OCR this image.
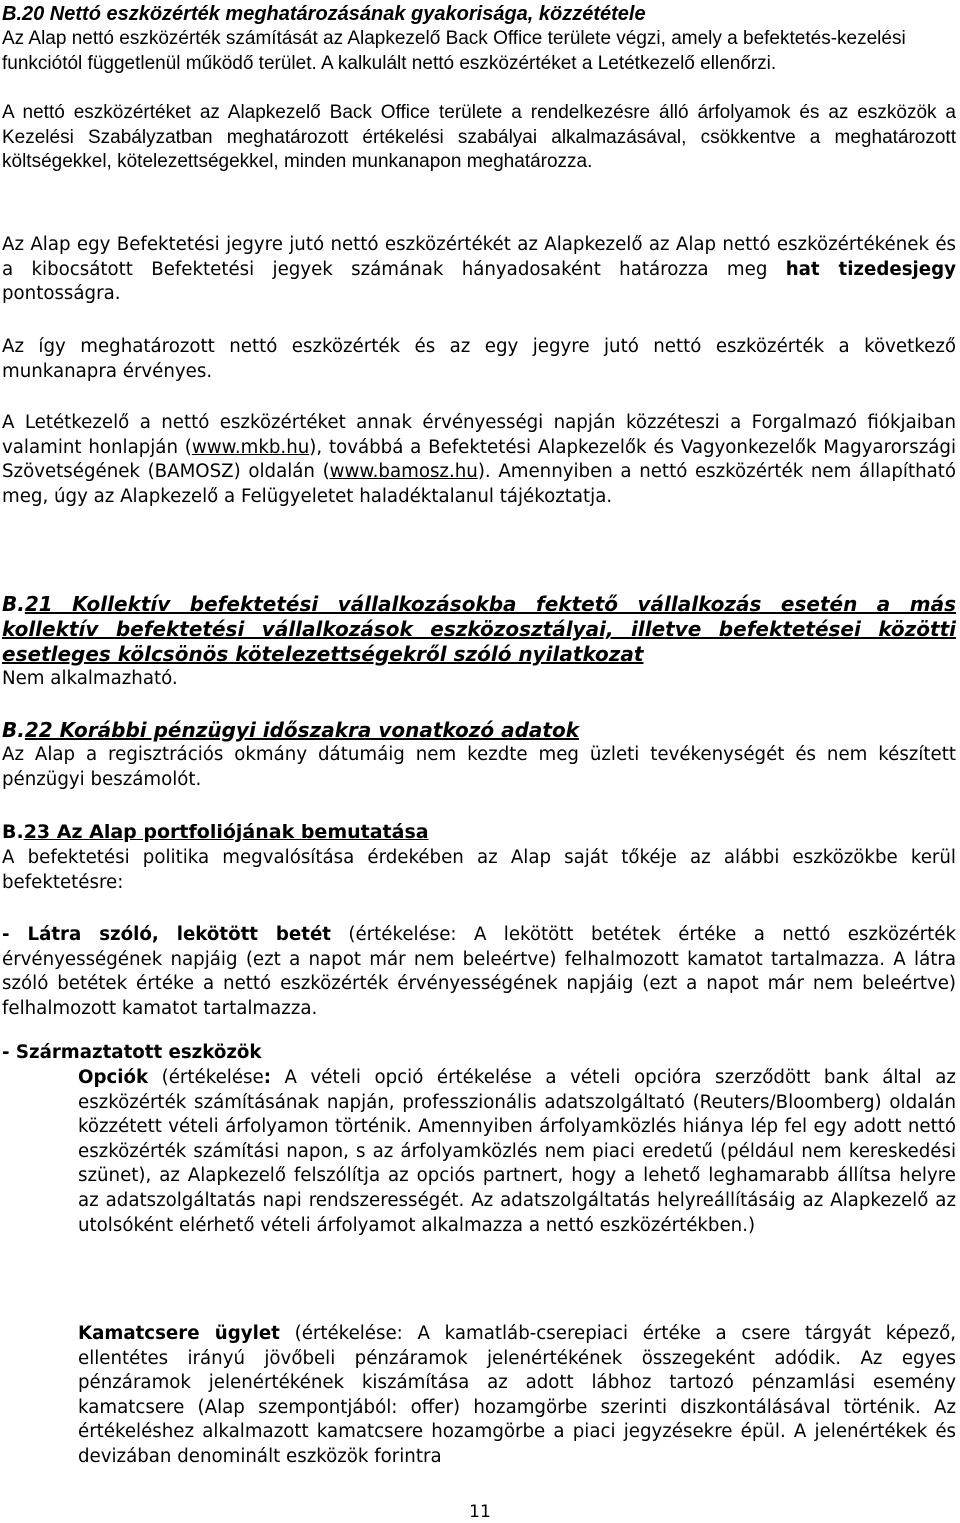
B.20 Nettó eszközérték meghatározásának gyakorisága, közzététele
Az Alap nettó eszközérték számítását az Alapkezelő Back Office területe végzi, amely a befektetés-kezelési funkciótól függetlenül működő terület. A kalkulált nettó eszközértéket a Letétkezelő ellenőrzi.
A nettó eszközértéket az Alapkezelő Back Office területe a rendelkezésre álló árfolyamok és az eszközök a Kezelési Szabályzatban meghatározott értékelési szabályai alkalmazásával, csökkentve a meghatározott költségekkel, kötelezettségekkel, minden munkanapon meghatározza.
Az Alap egy Befektetési jegyre jutó nettó eszközértékét az Alapkezelő az Alap nettó eszközértékének és a kibocsátott Befektetési jegyek számának hányadosaként határozza meg hat tizedesjegy pontosságra.
Az így meghatározott nettó eszközérték és az egy jegyre jutó nettó eszközérték a következő munkanapra érvényes.
A Letétkezelő a nettó eszközértéket annak érvényességi napján közzéteszi a Forgalmazó fiókjaiban valamint honlapján (www.mkb.hu), továbbá a Befektetési Alapkezelők és Vagyonkezelők Magyarországi Szövetségének (BAMOSZ) oldalán (www.bamosz.hu). Amennyiben a nettó eszközérték nem állapítható meg, úgy az Alapkezelő a Felügyeletet haladéktalanul tájékoztatja.
B.21 Kollektív befektetési vállalkozásokba fektető vállalkozás esetén a más kollektív befektetési vállalkozások eszközosztályai, illetve befektetései közötti esetleges kölcsönös kötelezettségekről szóló nyilatkozat
Nem alkalmazható.
B.22 Korábbi pénzügyi időszakra vonatkozó adatok
Az Alap a regisztrációs okmány dátumáig nem kezdte meg üzleti tevékenységét és nem készített pénzügyi beszámolót.
B.23 Az Alap portfoliójának bemutatása
A befektetési politika megvalósítása érdekében az Alap saját tőkéje az alábbi eszközökbe kerül befektetésre:
- Látra szóló, lekötött betét (értékelése: A lekötött betétek értéke a nettó eszközérték érvényességének napjáig (ezt a napot már nem beleértve) felhalmozott kamatot tartalmazza. A látra szóló betétek értéke a nettó eszközérték érvényességének napjáig (ezt a napot már nem beleértve) felhalmozott kamatot tartalmazza.
- Származtatott eszközök
Opciók (értékelése: A vételi opció értékelése a vételi opcióra szerződött bank által az eszközérték számításának napján, professzionális adatszolgáltató (Reuters/Bloomberg) oldalán közzétett vételi árfolyamon történik. Amennyiben árfolyamközlés hiánya lép fel egy adott nettó eszközérték számítási napon, s az árfolyamközlés nem piaci eredetű (például nem kereskedési szünet), az Alapkezelő felszólítja az opciós partnert, hogy a lehető leghamarabb állítsa helyre az adatszolgáltatás napi rendszerességét. Az adatszolgáltatás helyreállításáig az Alapkezelő az utolsóként elérhető vételi árfolyamot alkalmazza a nettó eszközértékben.)
Kamatcsere ügylet (értékelése: A kamatláb-cserepiaci értéke a csere tárgyát képező, ellentétes irányú jövőbeli pénzáramok jelenértékének összegeként adódik. Az egyes pénzáramok jelenértékének kiszámítása az adott lábhoz tartozó pénzamlási esemény kamatcsere (Alap szempontjából: offer) hozamgörbe szerinti diszkontálásával történik. Az értékeléshez alkalmazott kamatcsere hozamgörbe a piaci jegyzésekre épül. A jelenértékek és devizában denominált eszközök forintra
11
